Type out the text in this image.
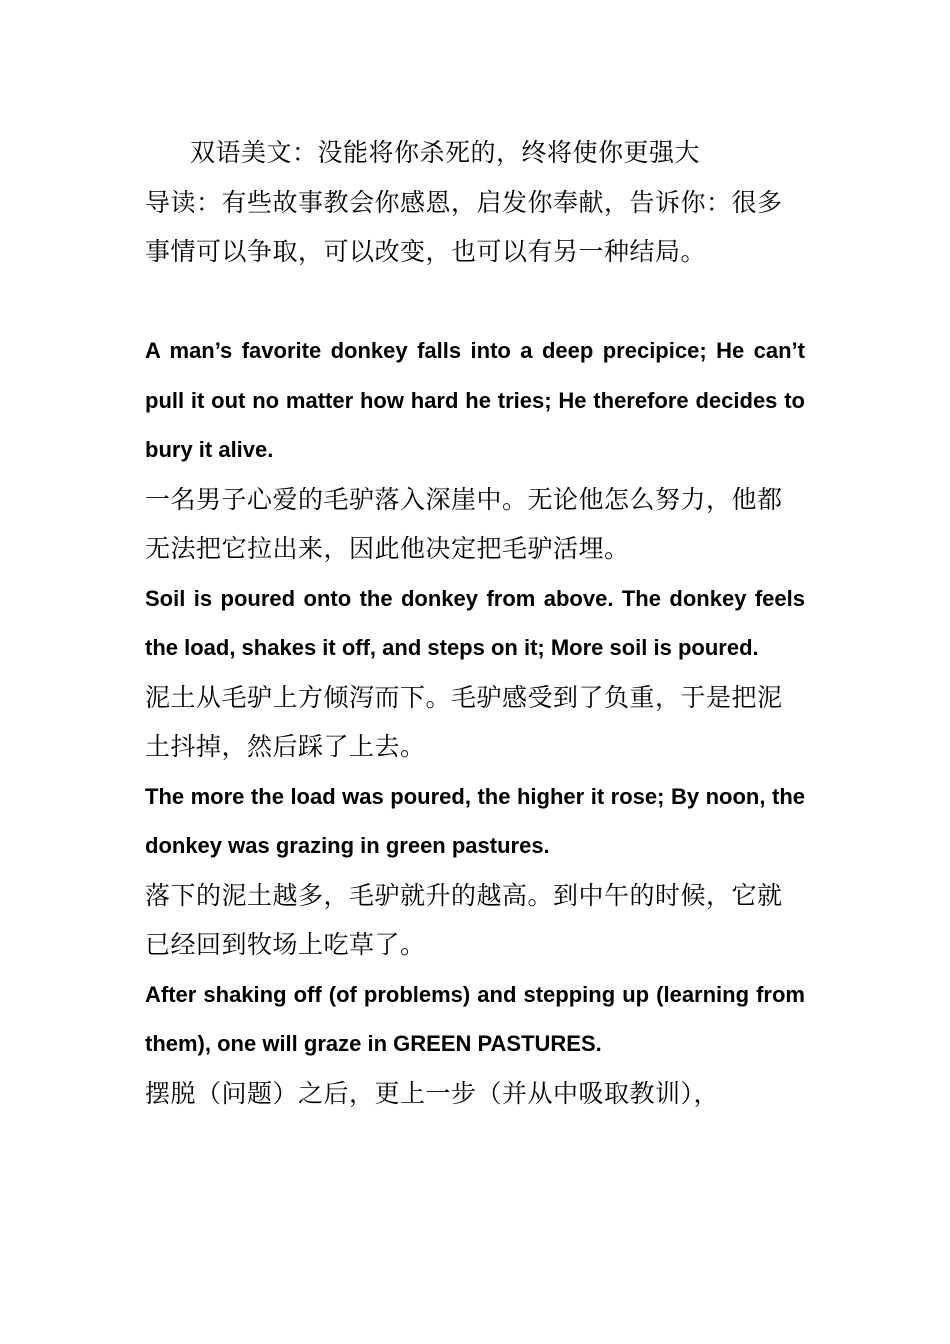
双语美文：没能将你杀死的，终将使你更强大

导读：有些故事教会你感恩，启发你奉献，告诉你：很多事情可以争取，可以改变，也可以有另一种结局。

A man’s favorite donkey falls into a deep precipice; He can’t pull it out no matter how hard he tries; He therefore decides to bury it alive.

一名男子心爱的毛驴落入深崖中。无论他怎么努力，他都无法把它拉出来，因此他决定把毛驴活埋。

Soil is poured onto the donkey from above. The donkey feels the load, shakes it off, and steps on it; More soil is poured.

泥土从毛驴上方倾泻而下。毛驴感受到了负重，于是把泥土抖掉，然后踩了上去。

The more the load was poured, the higher it rose; By noon, the donkey was grazing in green pastures.

落下的泥土越多，毛驴就升的越高。到中午的时候，它就已经回到牧场上吃草了。

After shaking off (of problems) and stepping up (learning from them), one will graze in GREEN PASTURES.

摆脱（问题）之后，更上一步（并从中吸取教训），
